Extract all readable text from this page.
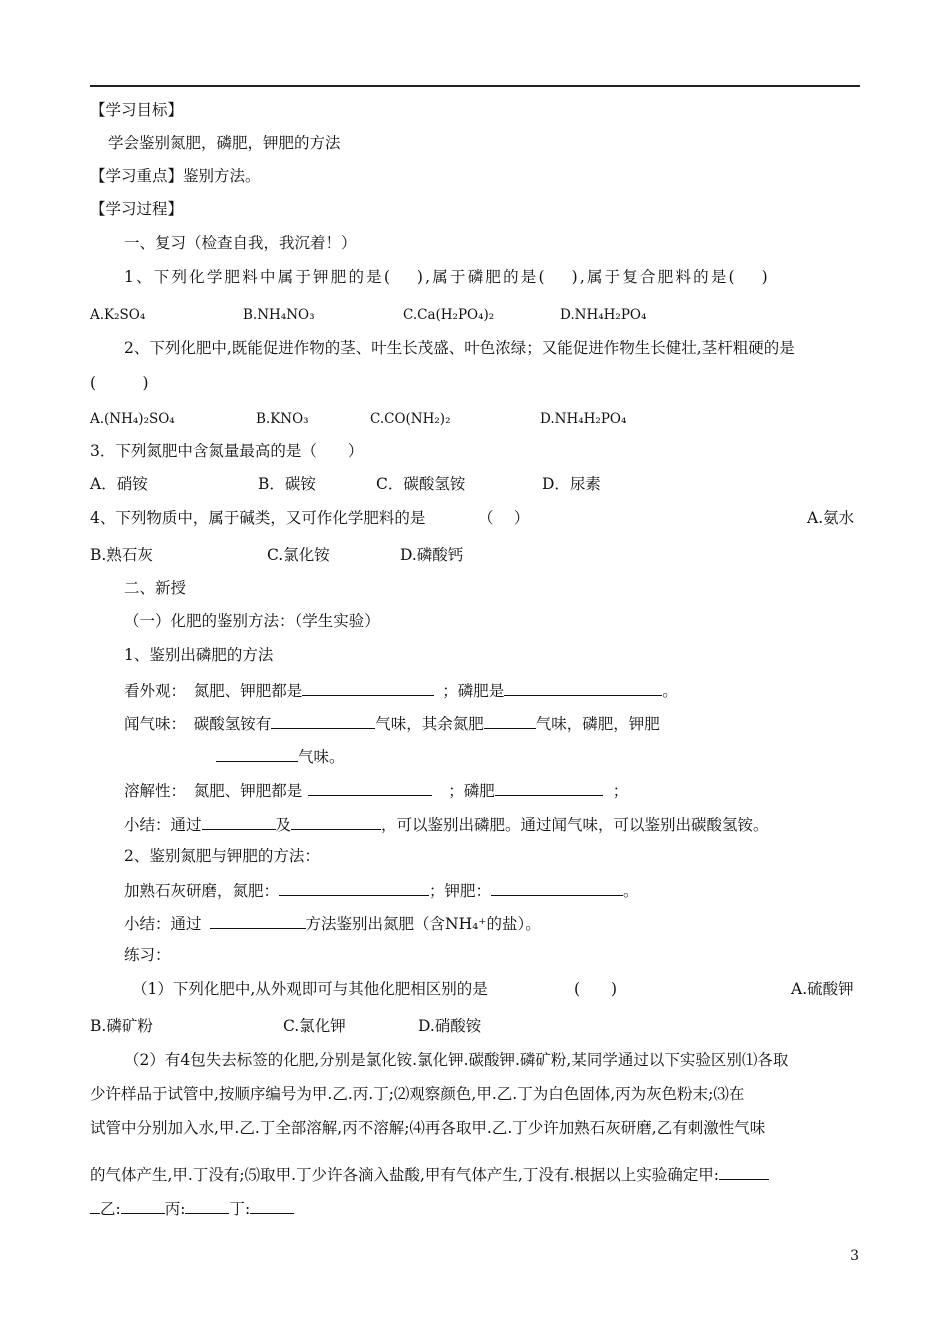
【学习目标】
学会鉴别氮肥，磷肥，钾肥的方法
【学习重点】鉴别方法。
【学习过程】
一、复习（检查自我，我沉着！）
1、下列化学肥料中属于钾肥的是(　 ),属于磷肥的是(　 ),属于复合肥料的是(　 )
A.K₂SO₄	B.NH₄NO₃	C.Ca(H₂PO₄)₂	D.NH₄H₂PO₄
2、下列化肥中,既能促进作物的茎、叶生长茂盛、叶色浓绿；又能促进作物生长健壮,茎杆粗硬的是
(　　　)
A.(NH₄)₂SO₄	B.KNO₃	C.CO(NH₂)₂	D.NH₄H₂PO₄
3．下列氮肥中含氮量最高的是（　　）
A．硝铵	B．碳铵	C．碳酸氢铵	D．尿素
4、下列物质中，属于碱类，又可作化学肥料的是	（　 ）	A.氨水
B.熟石灰	C.氯化铵	D.磷酸钙
二、新授
（一）化肥的鉴别方法：（学生实验）
1、鉴别出磷肥的方法
看外观：　氮肥、钾肥都是	；磷肥是	。
闻气味：　碳酸氢铵有	气味，其余氮肥	气味，磷肥，钾肥
气味。
溶解性：　氮肥、钾肥都是	；磷肥	；
小结：通过	及	，可以鉴别出磷肥。通过闻气味，可以鉴别出碳酸氢铵。
2、鉴别氮肥与钾肥的方法：
加熟石灰研磨，氮肥：	；钾肥：	。
小结：通过	方法鉴别出氮肥（含NH₄⁺的盐）。
练习：
（1）下列化肥中,从外观即可与其他化肥相区别的是	(　　)	A.硫酸钾
B.磷矿粉	C.氯化钾	D.硝酸铵
（2）有4包失去标签的化肥,分别是氯化铵.氯化钾.碳酸钾.磷矿粉,某同学通过以下实验区别⑴各取
少许样品于试管中,按顺序编号为甲.乙.丙.丁;⑵观察颜色,甲.乙.丁为白色固体,丙为灰色粉末;⑶在
试管中分别加入水,甲.乙.丁全部溶解,丙不溶解;⑷再各取甲.乙.丁少许加熟石灰研磨,乙有刺激性气味
的气体产生,甲.丁没有;⑸取甲.丁少许各滴入盐酸,甲有气体产生,丁没有.根据以上实验确定甲:
乙:	丙:	丁:
3
